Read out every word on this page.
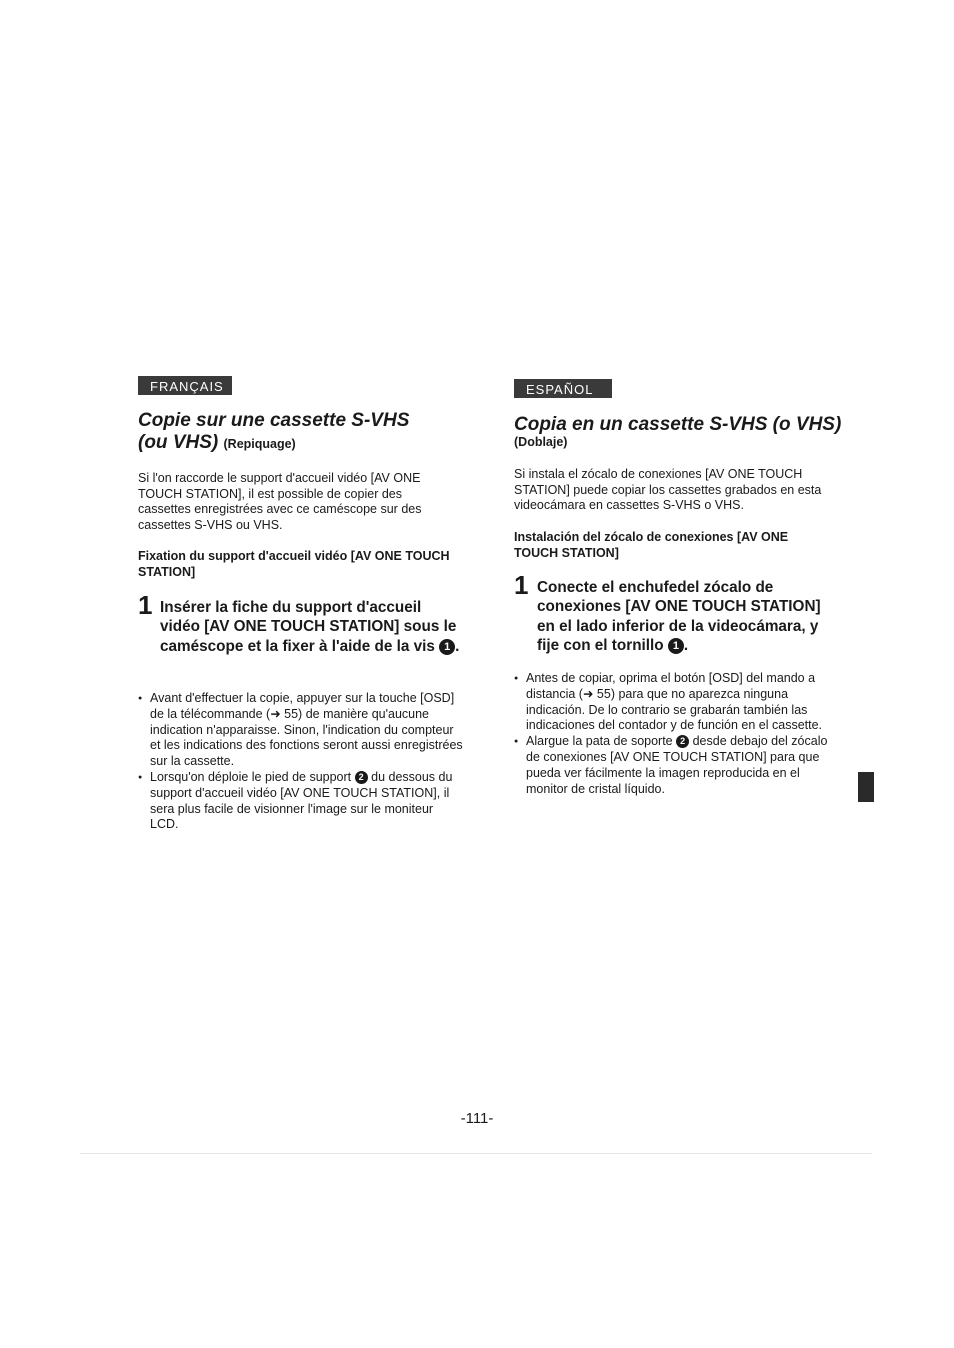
FRANÇAIS
Copie sur une cassette S-VHS
(ou VHS) (Repiquage)

Si l'on raccorde le support d'accueil vidéo [AV ONE TOUCH STATION], il est possible de copier des cassettes enregistrées avec ce caméscope sur des cassettes S-VHS ou VHS.

Fixation du support d'accueil vidéo [AV ONE TOUCH STATION]

1 Insérer la fiche du support d'accueil vidéo [AV ONE TOUCH STATION] sous le caméscope et la fixer à l'aide de la vis 1 .

● Avant d'effectuer la copie, appuyer sur la touche [OSD] de la télécommande (➜ 55) de manière qu'aucune indication n'apparaisse. Sinon, l'indication du compteur et les indications des fonctions seront aussi enregistrées sur la cassette.
● Lorsqu'on déploie le pied de support 2 du dessous du support d'accueil vidéo [AV ONE TOUCH STATION], il sera plus facile de visionner l'image sur le moniteur LCD.
ESPAÑOL
Copia en un cassette S-VHS (o VHS)
(Doblaje)

Si instala el zócalo de conexiones [AV ONE TOUCH STATION] puede copiar los cassettes grabados en esta videocámara en cassettes S-VHS o VHS.

Instalación del zócalo de conexiones [AV ONE TOUCH STATION]

1 Conecte el enchufedel zócalo de conexiones [AV ONE TOUCH STATION] en el lado inferior de la videocámara, y fije con el tornillo 1 .

● Antes de copiar, oprima el botón [OSD] del mando a distancia (➜ 55) para que no aparezca ninguna indicación. De lo contrario se grabarán también las indicaciones del contador y de función en el cassette.
● Alargue la pata de soporte 2 desde debajo del zócalo de conexiones [AV ONE TOUCH STATION] para que pueda ver fácilmente la imagen reproducida en el monitor de cristal líquido.
-111-
